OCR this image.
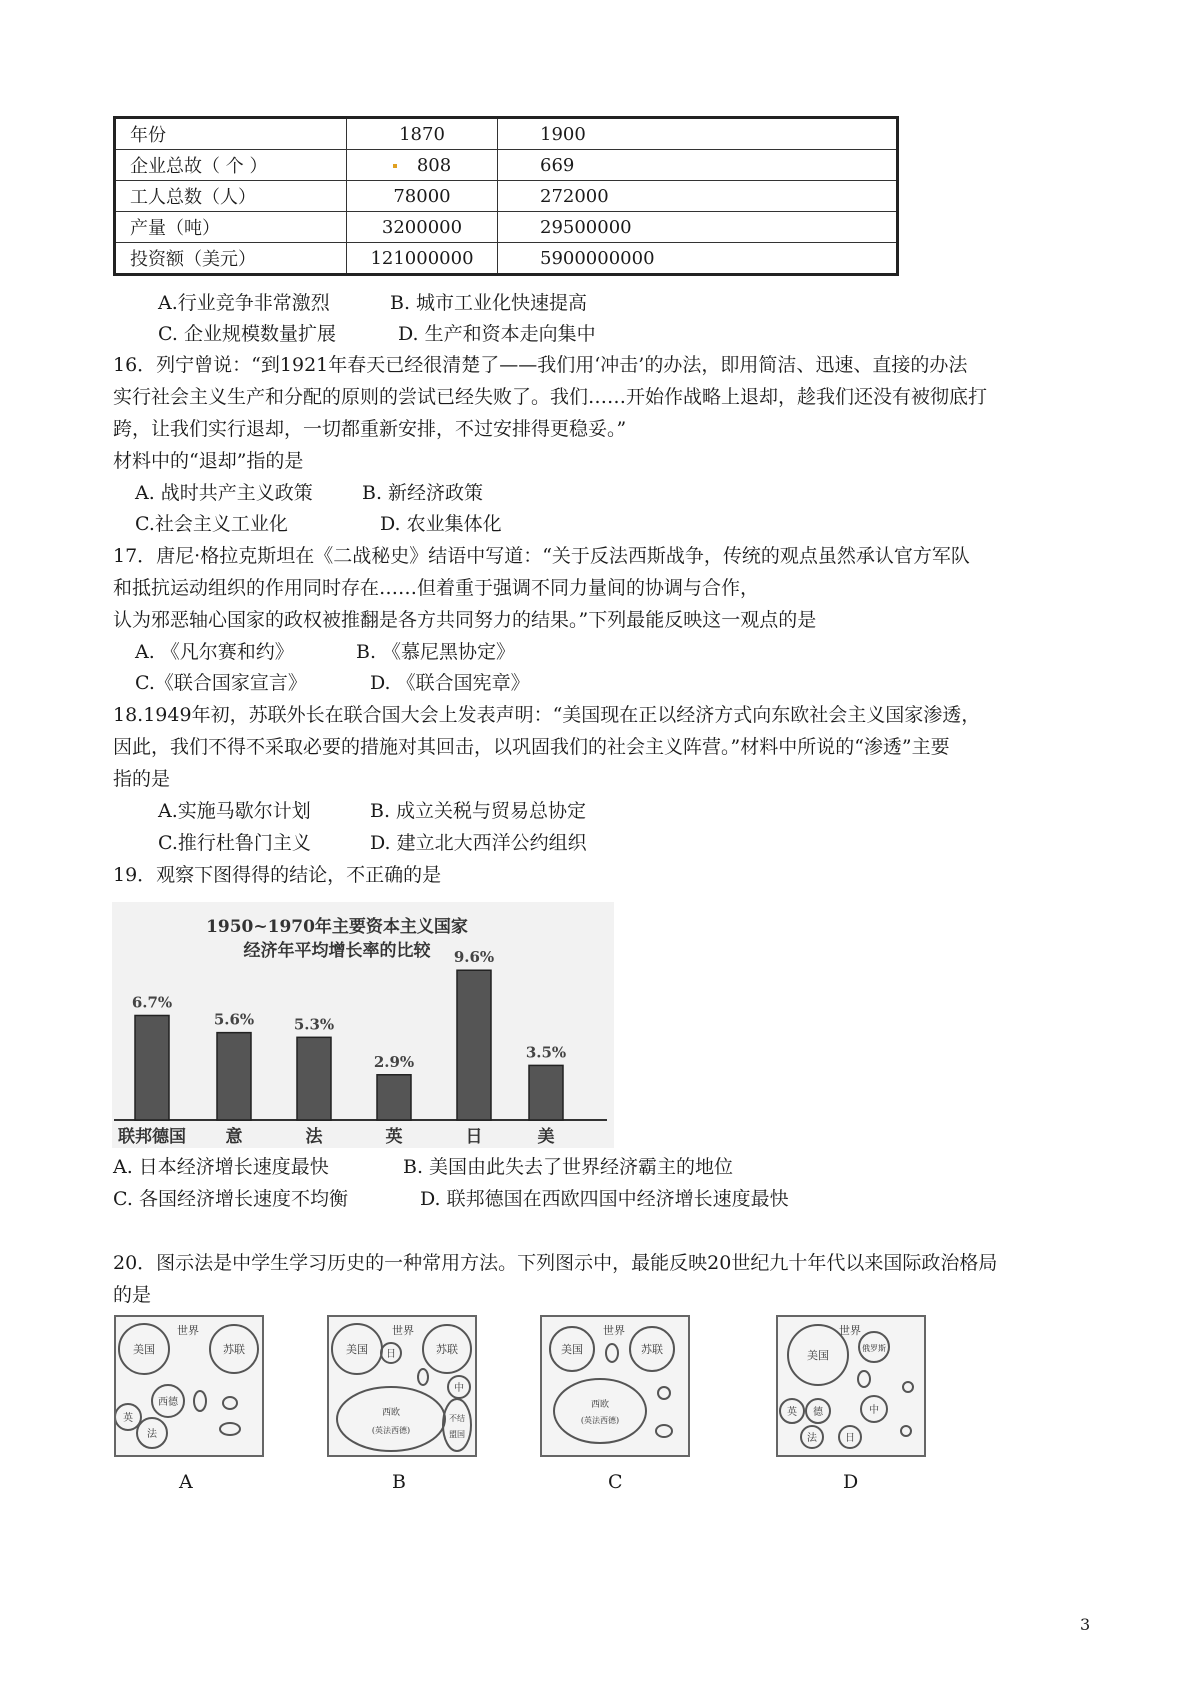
年份	1870	1900
企业总故（ 个 ）	808	669
工人总数（人）	78000	272000
产量（吨）	3200000	29500000
投资额（美元）	121000000	5900000000
A.行业竞争非常激烈	B. 城市工业化快速提高
C. 企业规模数量扩展	D. 生产和资本走向集中
16．列宁曾说：“到1921年春天已经很清楚了——我们用‘冲击’的办法，即用简洁、迅速、直接的办法
实行社会主义生产和分配的原则的尝试已经失败了。我们……开始作战略上退却，趁我们还没有被彻底打
跨，让我们实行退却，一切都重新安排，不过安排得更稳妥。”
材料中的“退却”指的是
A. 战时共产主义政策	B. 新经济政策
C.社会主义工业化	D. 农业集体化
17．唐尼·格拉克斯坦在《二战秘史》结语中写道：“关于反法西斯战争，传统的观点虽然承认官方军队
和抵抗运动组织的作用同时存在……但着重于强调不同力量间的协调与合作，
认为邪恶轴心国家的政权被推翻是各方共同努力的结果。”下列最能反映这一观点的是
A. 《凡尔赛和约》	B. 《慕尼黑协定》
C.《联合国家宣言》	D. 《联合国宪章》
18.1949年初，苏联外长在联合国大会上发表声明：“美国现在正以经济方式向东欧社会主义国家渗透，
因此，我们不得不采取必要的措施对其回击，以巩固我们的社会主义阵营。”材料中所说的“渗透”主要
指的是
A.实施马歇尔计划	B. 成立关税与贸易总协定
C.推行杜鲁门主义	D. 建立北大西洋公约组织
19．观察下图得得的结论，不正确的是
1950~1970年主要资本主义国家
经济年平均增长率的比较
6.7%
联邦德国
5.6%
意
5.3%
法
2.9%
英
9.6%
日
3.5%
美
A. 日本经济增长速度最快	B. 美国由此失去了世界经济霸主的地位
C. 各国经济增长速度不均衡	D. 联邦德国在西欧四国中经济增长速度最快
20．图示法是中学生学习历史的一种常用方法。下列图示中，最能反映20世纪九十年代以来国际政治格局
的是
世界
美国	苏联
西德
英
法
世界
美国 日	苏联
中
西欧
(英法西德)
不结
盟国
世界
美国	苏联
西欧
(英法西德)
世界
美国
俄罗斯
英 德	中
法	日
A	B	C	D
3
